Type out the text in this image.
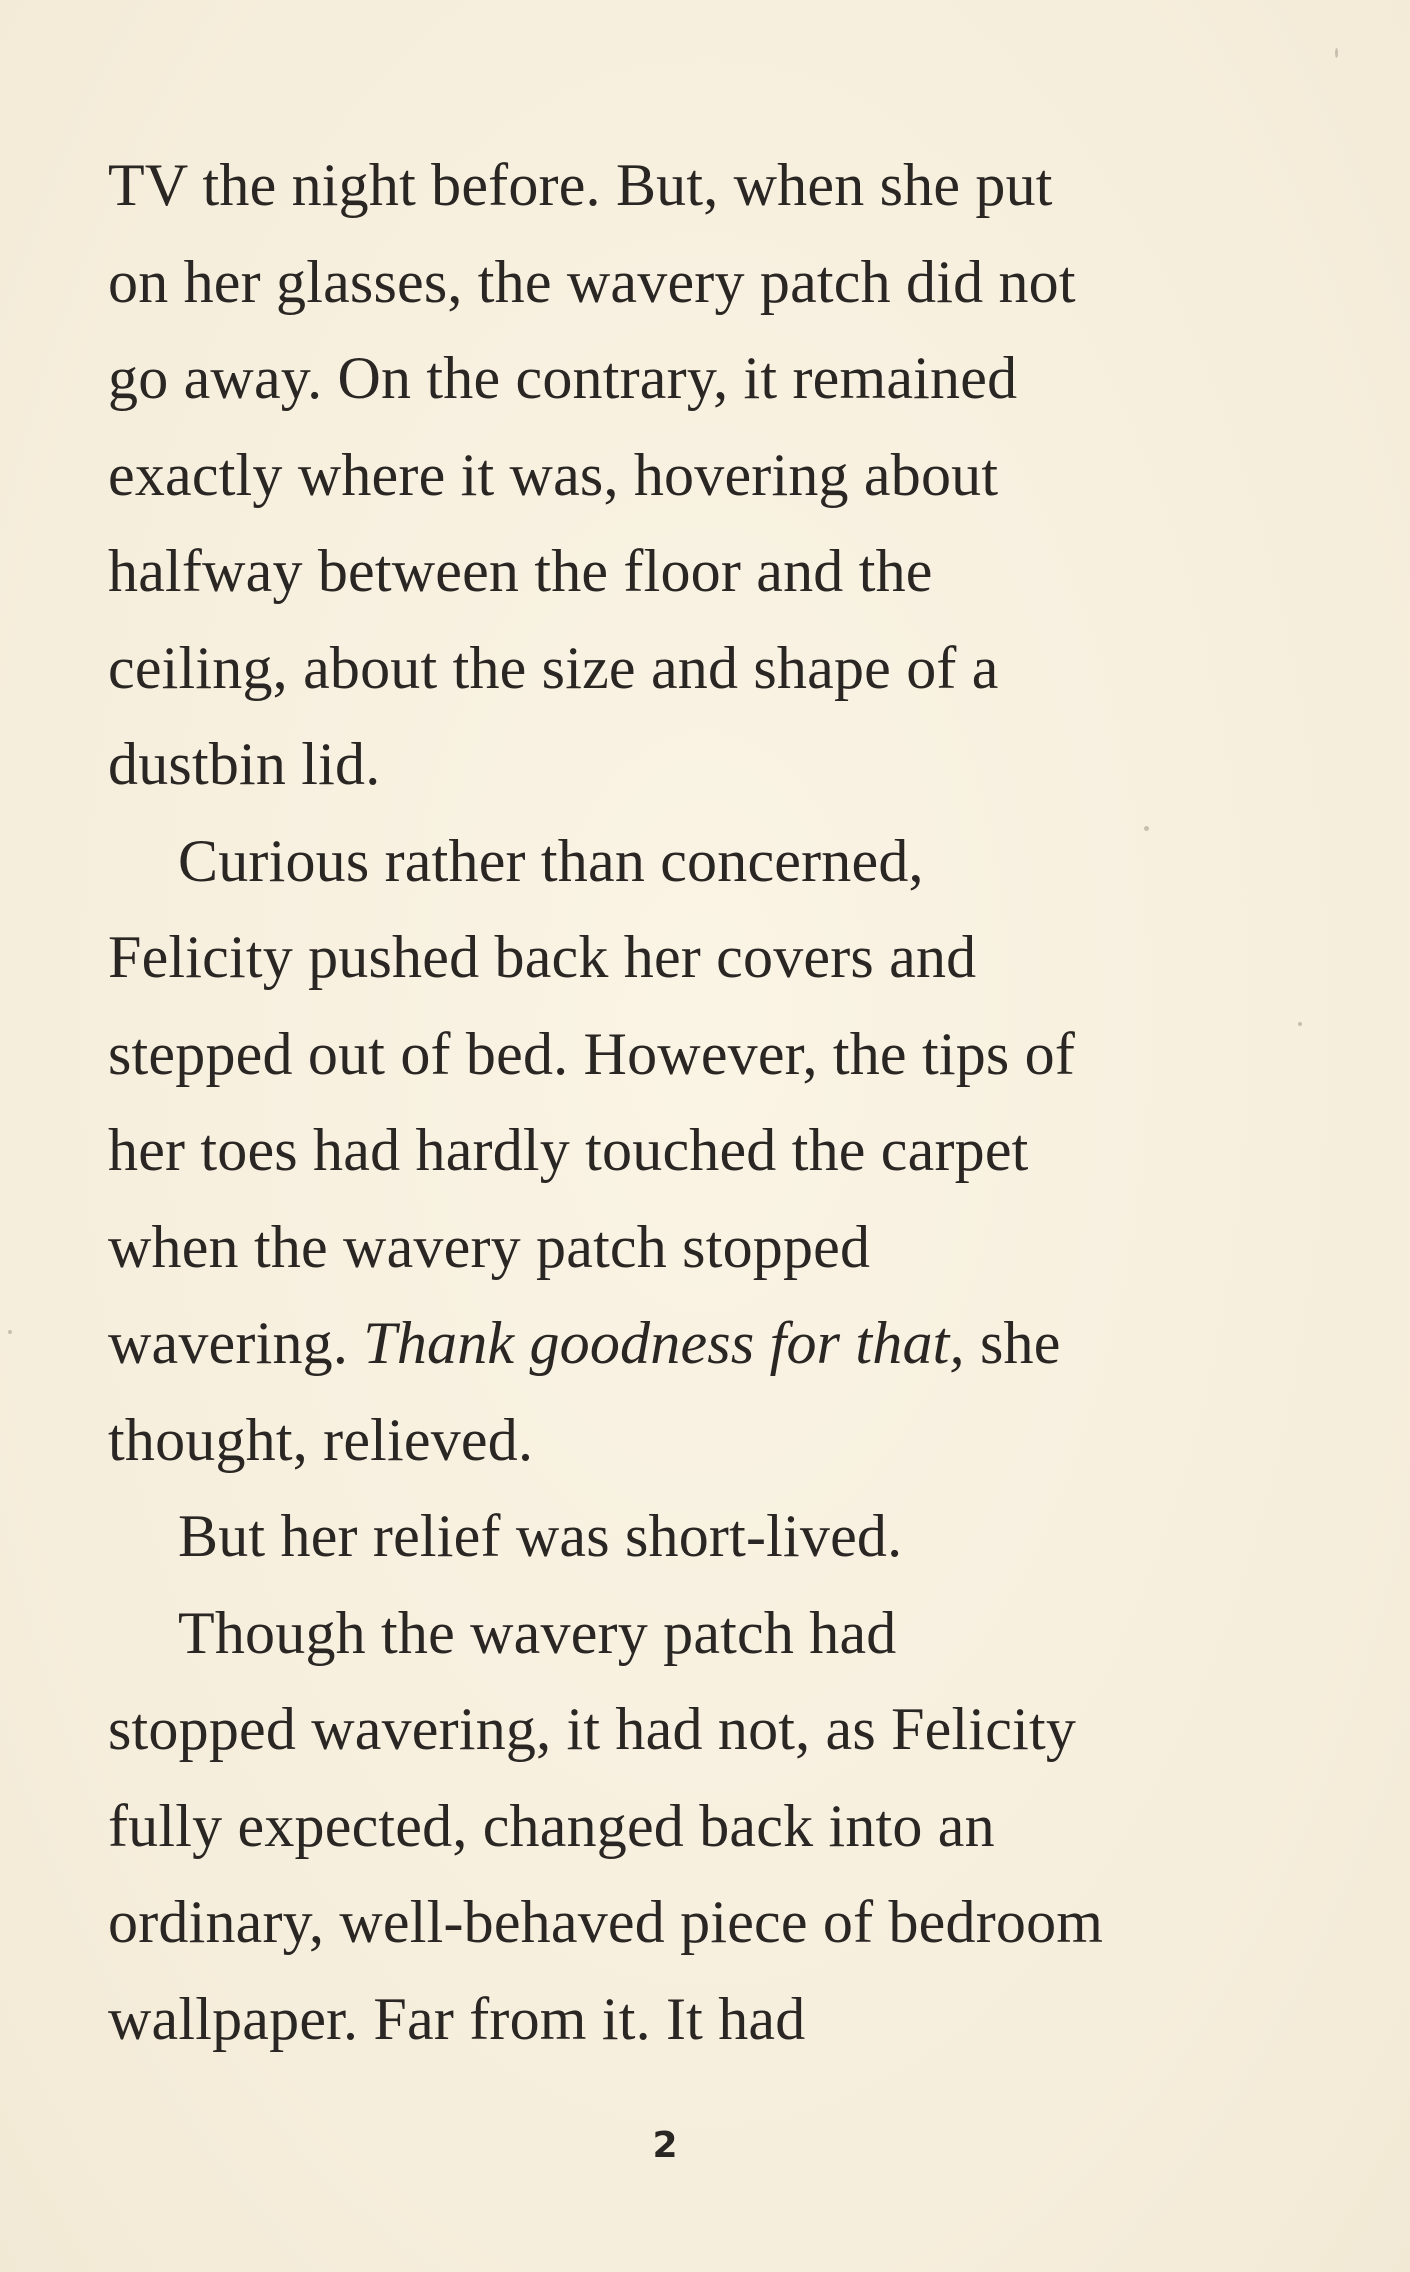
TV the night before. But, when she put
on her glasses, the wavery patch did not
go away. On the contrary, it remained
exactly where it was, hovering about
halfway between the floor and the
ceiling, about the size and shape of a
dustbin lid.
Curious rather than concerned,
Felicity pushed back her covers and
stepped out of bed. However, the tips of
her toes had hardly touched the carpet
when the wavery patch stopped
wavering. Thank goodness for that, she
thought, relieved.
But her relief was short-lived.
Though the wavery patch had
stopped wavering, it had not, as Felicity
fully expected, changed back into an
ordinary, well-behaved piece of bedroom
wallpaper. Far from it. It had
2
